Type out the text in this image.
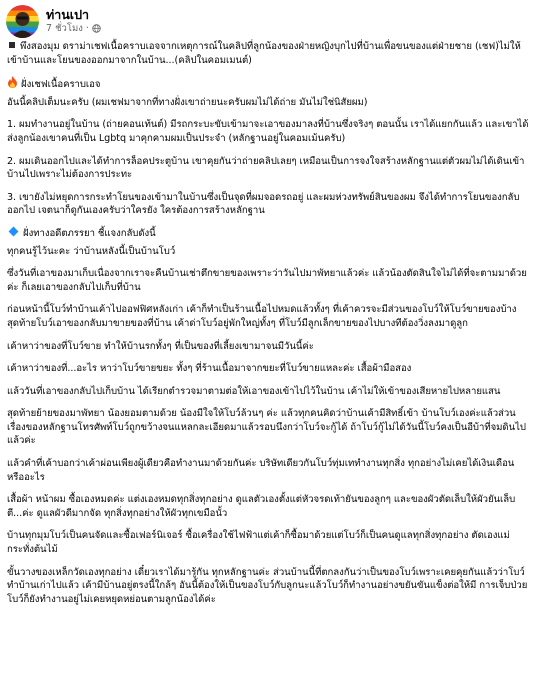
ท่านเปา
7 ชั่วโมง ·
พึงสองมุม ดราม่าเชฟเนื้อคราบเอจจากเหตุการณ์ในคลิปที่ลูกน้องของฝ่ายหญิงบุกไปที่บ้านเพื่อขนของแต่ฝ่ายชาย (เชฟ)ไม่ให้เข้าบ้านและโยนของออกมาจากในบ้าน...(คลิปในคอมเมนต์)
ฝั่งเชฟเนื้อคราบเอจ
อันนี้คลิปเต็มนะครับ (ผมเชฟมาจากที่ทางฝั่งเขาถ่ายนะครับผมไม่ได้ถ่าย มันไม่ใช่นิสัยผม)
1. ผมทำงานอยู่ในบ้าน (ถ่ายคอนเท้นต์) มีรถกระบะขับเข้ามาจะเอาของมาลงที่บ้านซึ่งจริงๆ ตอนนั้น เราได้แยกกันแล้ว และเขาได้ส่งลูกน้องเขาคนที่เป็น Lgbtq มาคุกคามผมเป็นประจำ (หลักฐานอยู่ในคอมเม้นครับ)
2. ผมเดินออกไปและได้ทำการล็อคประตูบ้าน เขาคุยกันว่าถ่ายคลิปเลยๆ เหมือนเป็นการจงใจสร้างหลักฐานแต่ตัวผมไม่ได้เดินเข้าบ้านไปเพราะไม่ต้องการประทะ
3. เขายังไม่หยุดการกระทำโยนของเข้ามาในบ้านซึ่งเป็นจุดที่ผมจอดรถอยู่ และผมห่วงทรัพย์สินของผม จึงได้ทำการโยนของกลับออกไป เจตนาก็ดูกันเองครับว่าใครยัง ใครต้องการสร้างหลักฐาน
ฝั่งทางอดีตภรรยา ชี้แจงกลับดังนี้
ทุกคนรู้ไว้นะคะ ว่าบ้านหลังนี้เป็นบ้านโบว์
ซึ่งวันที่เอาของมาเก็บเนื่องจากเราจะคืนบ้านเช่าตึกขายของเพราะว่าวันไปมาพัทยาแล้วค่ะ แล้วน้องตัดสินใจไม่ได้ที่จะตามมาด้วยค่ะ ก็เลยเอาของกลับไปเก็บที่บ้าน
ก่อนหน้านี้โบว์ทำบ้านเค้าไปออฟฟิศหลังเก่า เค้าก็ทำเป็นร้านเนื้อไปหมดแล้วทั้งๆ ที่เค้าควรจะมีส่วนของโบว์ให้โบว์ขายของบ้าง สุดท้ายโบว์เอาของกลับมาขายของที่บ้าน เค้าด่าโบว์อยู่พักใหญ่ทั้งๆ ที่โบว์มีลูกเล็กขายของไปบางทีต้องวิ่งลงมาดูลูก
เค้าหาว่าของที่โบว์ขาย ทำให้บ้านรกทั้งๆ ที่เป็นของที่เลี้ยงเขามาจนมีวันนี้ค่ะ
เค้าหาว่าของที่...อะไร หาว่าโบว์ขายขยะ ทั้งๆ ที่ร้านเนื้อมาจากขยะที่โบว์ขายแหละค่ะ เสื้อผ้ามือสอง
แล้ววันที่เอาของกลับไปเก็บบ้าน ได้เรียกตำรวจมาตามต่อให้เอาของเข้าไปไว้ในบ้าน เค้าไม่ให้เข้าของเสียหายไปหลายแสน
สุดท้ายย้ายของมาพัทยา น้องยอมตามด้วย น้องมีใจให้โบว์ล้วนๆ ค่ะ แล้วทุกคนคิดว่าบ้านเค้ามีสิทธิ์เข้า บ้านโบว์เองค่ะแล้วส่วนเรื่องของหลักฐานโทรศัพท์โบว์ถูกขว้างจนแหลกละเอียดมาแล้วรอบนึงกว่าโบว์จะกู้ได้ ถ้าโบว์กู้ไม่ได้วันนี้โบว์คงเป็นอีบ้าที่จมดินไปแล้วค่ะ
แล้วคำที่เค้าบอกว่าเค้าผ่อนเพียงผู้เดียวคือทำงานมาด้วยกันค่ะ บริษัทเดียวกันโบว์ทุ่มเททำงานทุกสิ่ง ทุกอย่างไม่เคยได้เงินเดือนหรืออะไร
เสื้อผ้า หน้าผม ซื้อเองหมดค่ะ แต่งเองหมดทุกสิ่งทุกอย่าง ดูแลตัวเองตั้งแต่หัวจรดเท้ายันของลูกๆ และของผัวตัดเล็บให้ผัวยันเล็บตี...ค่ะ ดูแลผัวดีมากจัด ทุกสิ่งทุกอย่างให้ผัวทุกเขมือนั้ว
บ้านทุกมุมโบว์เป็นคนจัดและซื้อเฟอร์นิเจอร์ ซื้อเครื่องใช้ไฟฟ้าแต่เค้าก็ซื้อมาด้วยแต่โบว์ก็เป็นคนดูแลทุกสิ่งทุกอย่าง ตัดเองแม่กระทั่งต้นไม้
ขั้นวางของเหล็กวัดเองทุกอย่าง เดี๋ยวเราได้มารู้กัน ทุกหลักฐานค่ะ ส่วนบ้านนี้ที่ตกลงกันว่าเป็นของโบว์เพราะเคยคุยกันแล้วว่าโบว์ทำบ้านเก่าไปแล้ว เค้ามีบ้านอยู่ตรงนี้ใกล้ๆ อันนี้ต้องให้เป็นของโบว์กับลูกนะแล้วโบว์ก็ทำงานอย่างขยันขันแข็งต่อให้มี การเจ็บป่วยโบว์ก็ยังทำงานอยู่ไม่เคยหยุดหย่อนตามลูกน้องได้ค่ะ
